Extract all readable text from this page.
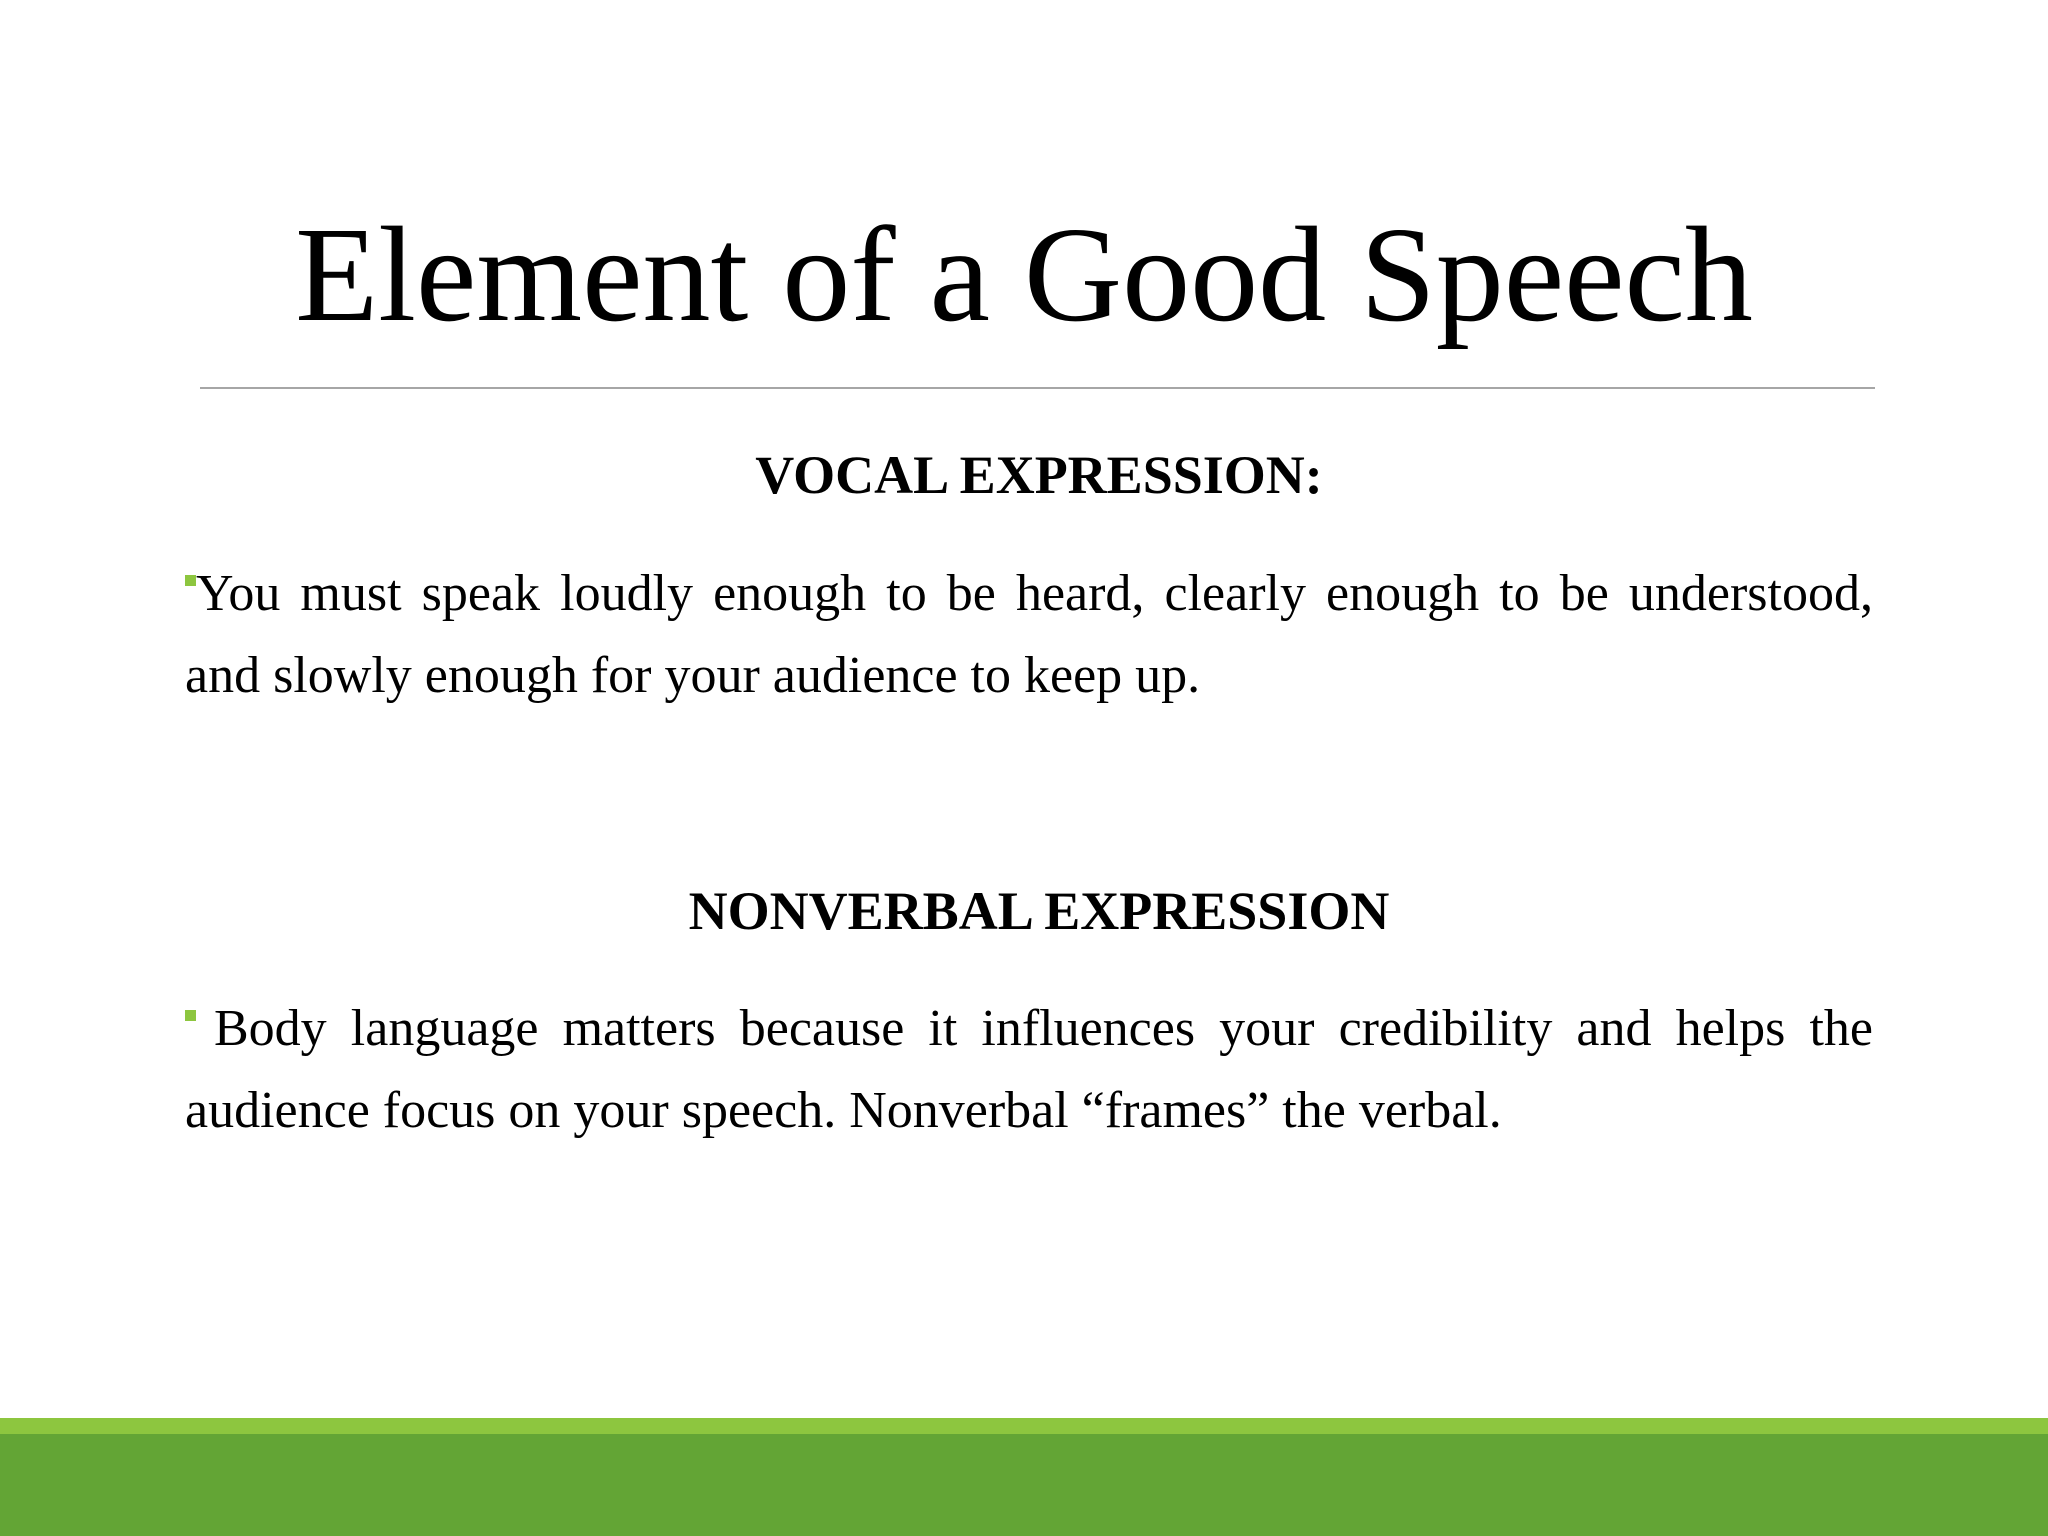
Element of a Good Speech
VOCAL EXPRESSION:

You must speak loudly enough to be heard, clearly enough to be understood, and slowly enough for your audience to keep up.

NONVERBAL EXPRESSION

Body language matters because it influences your credibility and helps the audience focus on your speech. Nonverbal “frames” the verbal.
